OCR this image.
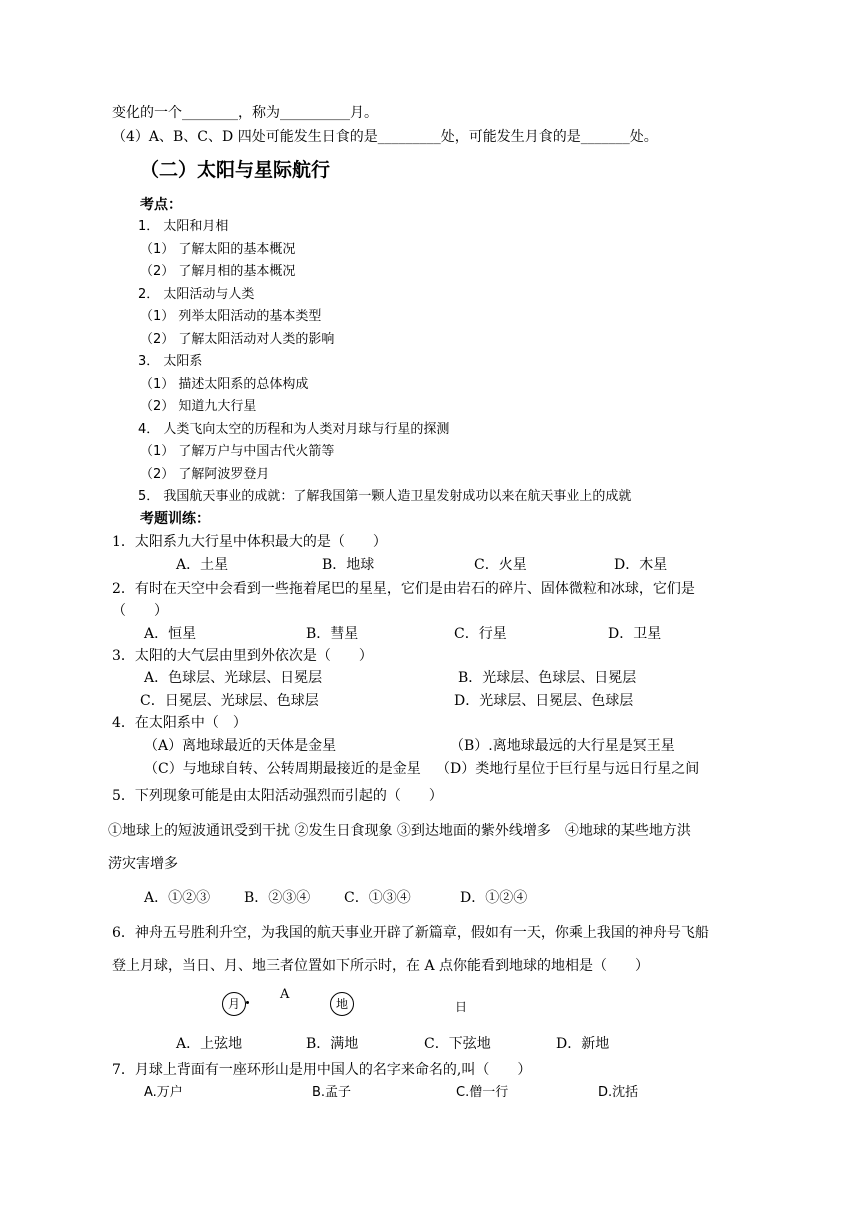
变化的一个________，称为__________月。
（4）A、B、C、D 四处可能发生日食的是_________处，可能发生月食的是_______处。
（二）太阳与星际航行
考点：
1． 太阳和月相
（1） 了解太阳的基本概况
（2） 了解月相的基本概况
2． 太阳活动与人类
（1） 列举太阳活动的基本类型
（2） 了解太阳活动对人类的影响
3． 太阳系
（1） 描述太阳系的总体构成
（2） 知道九大行星
4． 人类飞向太空的历程和为人类对月球与行星的探测
（1） 了解万户与中国古代火箭等
（2） 了解阿波罗登月
5． 我国航天事业的成就：了解我国第一颗人造卫星发射成功以来在航天事业上的成就
考题训练：
1．太阳系九大行星中体积最大的是（　　）
A．土星	B．地球	C．火星	D．木星
2．有时在天空中会看到一些拖着尾巴的星星，它们是由岩石的碎片、固体微粒和冰球，它们是
（　　）
A．恒星	B．彗星	C．行星	D．卫星
3．太阳的大气层由里到外依次是（　　）
A．色球层、光球层、日冕层	B．光球层、色球层、日冕层
C．日冕层、光球层、色球层	D．光球层、日冕层、色球层
4．在太阳系中（　）
（A）离地球最近的天体是金星	（B）.离地球最远的大行星是冥王星
（C）与地球自转、公转周期最接近的是金星 （D）类地行星位于巨行星与远日行星之间
5．下列现象可能是由太阳活动强烈而引起的（　　）
①地球上的短波通讯受到干扰 ②发生日食现象 ③到达地面的紫外线增多　④地球的某些地方洪
涝灾害增多
A．①②③ B．②③④ C．①③④	D．①②④
6．神舟五号胜利升空，为我国的航天事业开辟了新篇章，假如有一天，你乘上我国的神舟号飞船
登上月球，当日、月、地三者位置如下所示时，在 A 点你能看到地球的地相是（　　）
月
A
地	日
A．上弦地	B．满地	C．下弦地	D．新地
7．月球上背面有一座环形山是用中国人的名字来命名的,叫（　　）
A.万户	B.孟子	C.僧一行	D.沈括
